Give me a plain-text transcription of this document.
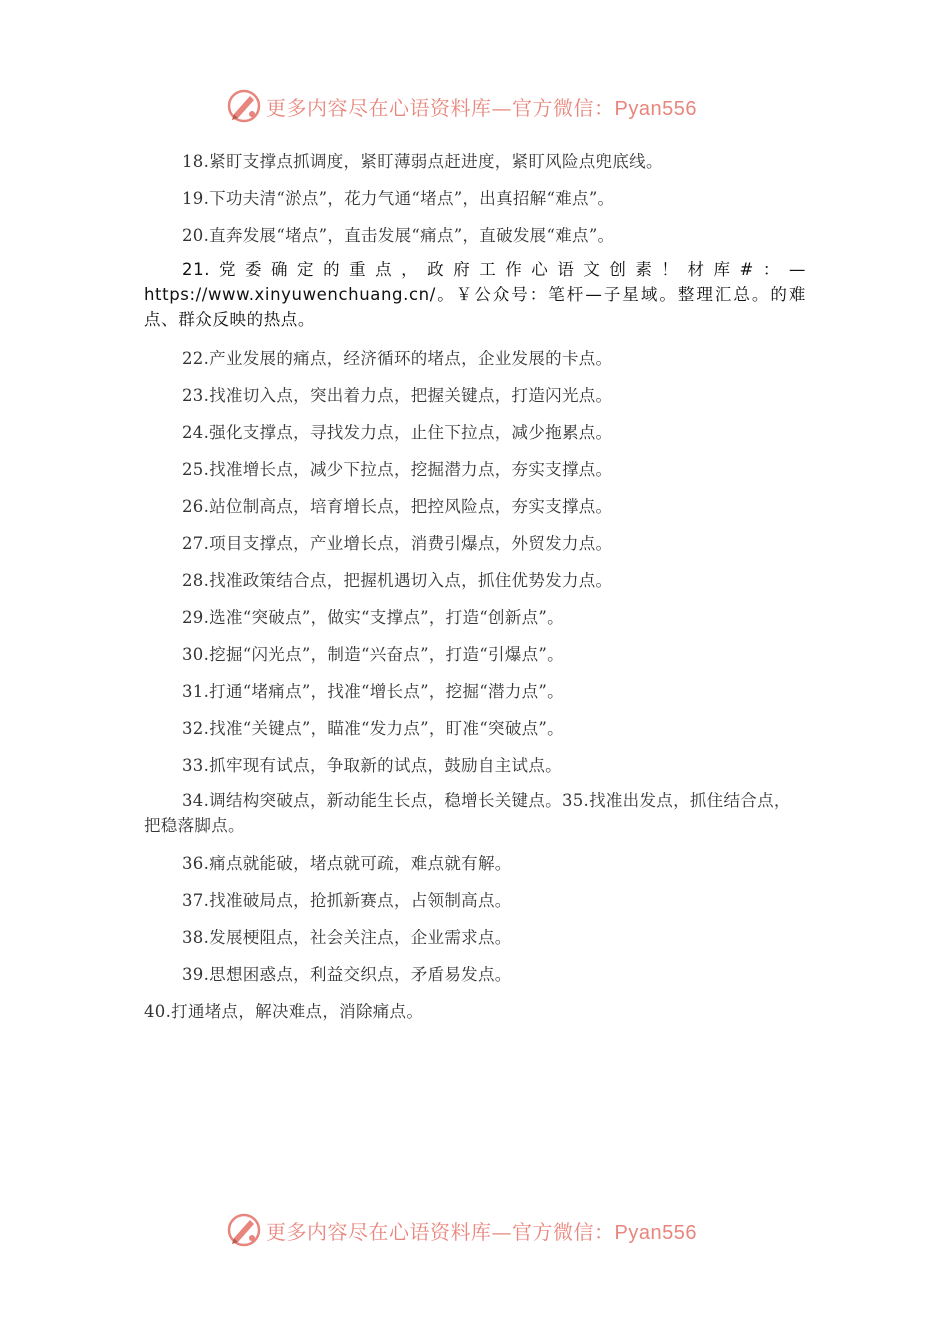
更多内容尽在心语资料库—官方微信：Pyan556
18.紧盯支撑点抓调度，紧盯薄弱点赶进度，紧盯风险点兜底线。
19.下功夫清“淤点”，花力气通“堵点”，出真招解“难点”。
20.直奔发展“堵点”，直击发展“痛点”，直破发展“难点”。
21.党委确定的重点，政府工作心语文创素！材库#：—https://www.xinyuwenchuang.cn/。￥公众号：笔杆—子星域。整理汇总。的难点、群众反映的热点。
22.产业发展的痛点，经济循环的堵点，企业发展的卡点。
23.找准切入点，突出着力点，把握关键点，打造闪光点。
24.强化支撑点，寻找发力点，止住下拉点，减少拖累点。
25.找准增长点，减少下拉点，挖掘潜力点，夯实支撑点。
26.站位制高点，培育增长点，把控风险点，夯实支撑点。
27.项目支撑点，产业增长点，消费引爆点，外贸发力点。
28.找准政策结合点，把握机遇切入点，抓住优势发力点。
29.选准“突破点”，做实“支撑点”，打造“创新点”。
30.挖掘“闪光点”，制造“兴奋点”，打造“引爆点”。
31.打通“堵痛点”，找准“增长点”，挖掘“潜力点”。
32.找准“关键点”，瞄准“发力点”，盯准“突破点”。
33.抓牢现有试点，争取新的试点，鼓励自主试点。
34.调结构突破点，新动能生长点，稳增长关键点。35.找准出发点，抓住结合点，把稳落脚点。
36.痛点就能破，堵点就可疏，难点就有解。
37.找准破局点，抢抓新赛点，占领制高点。
38.发展梗阻点，社会关注点，企业需求点。
39.思想困惑点，利益交织点，矛盾易发点。
40.打通堵点，解决难点，消除痛点。
更多内容尽在心语资料库—官方微信：Pyan556
